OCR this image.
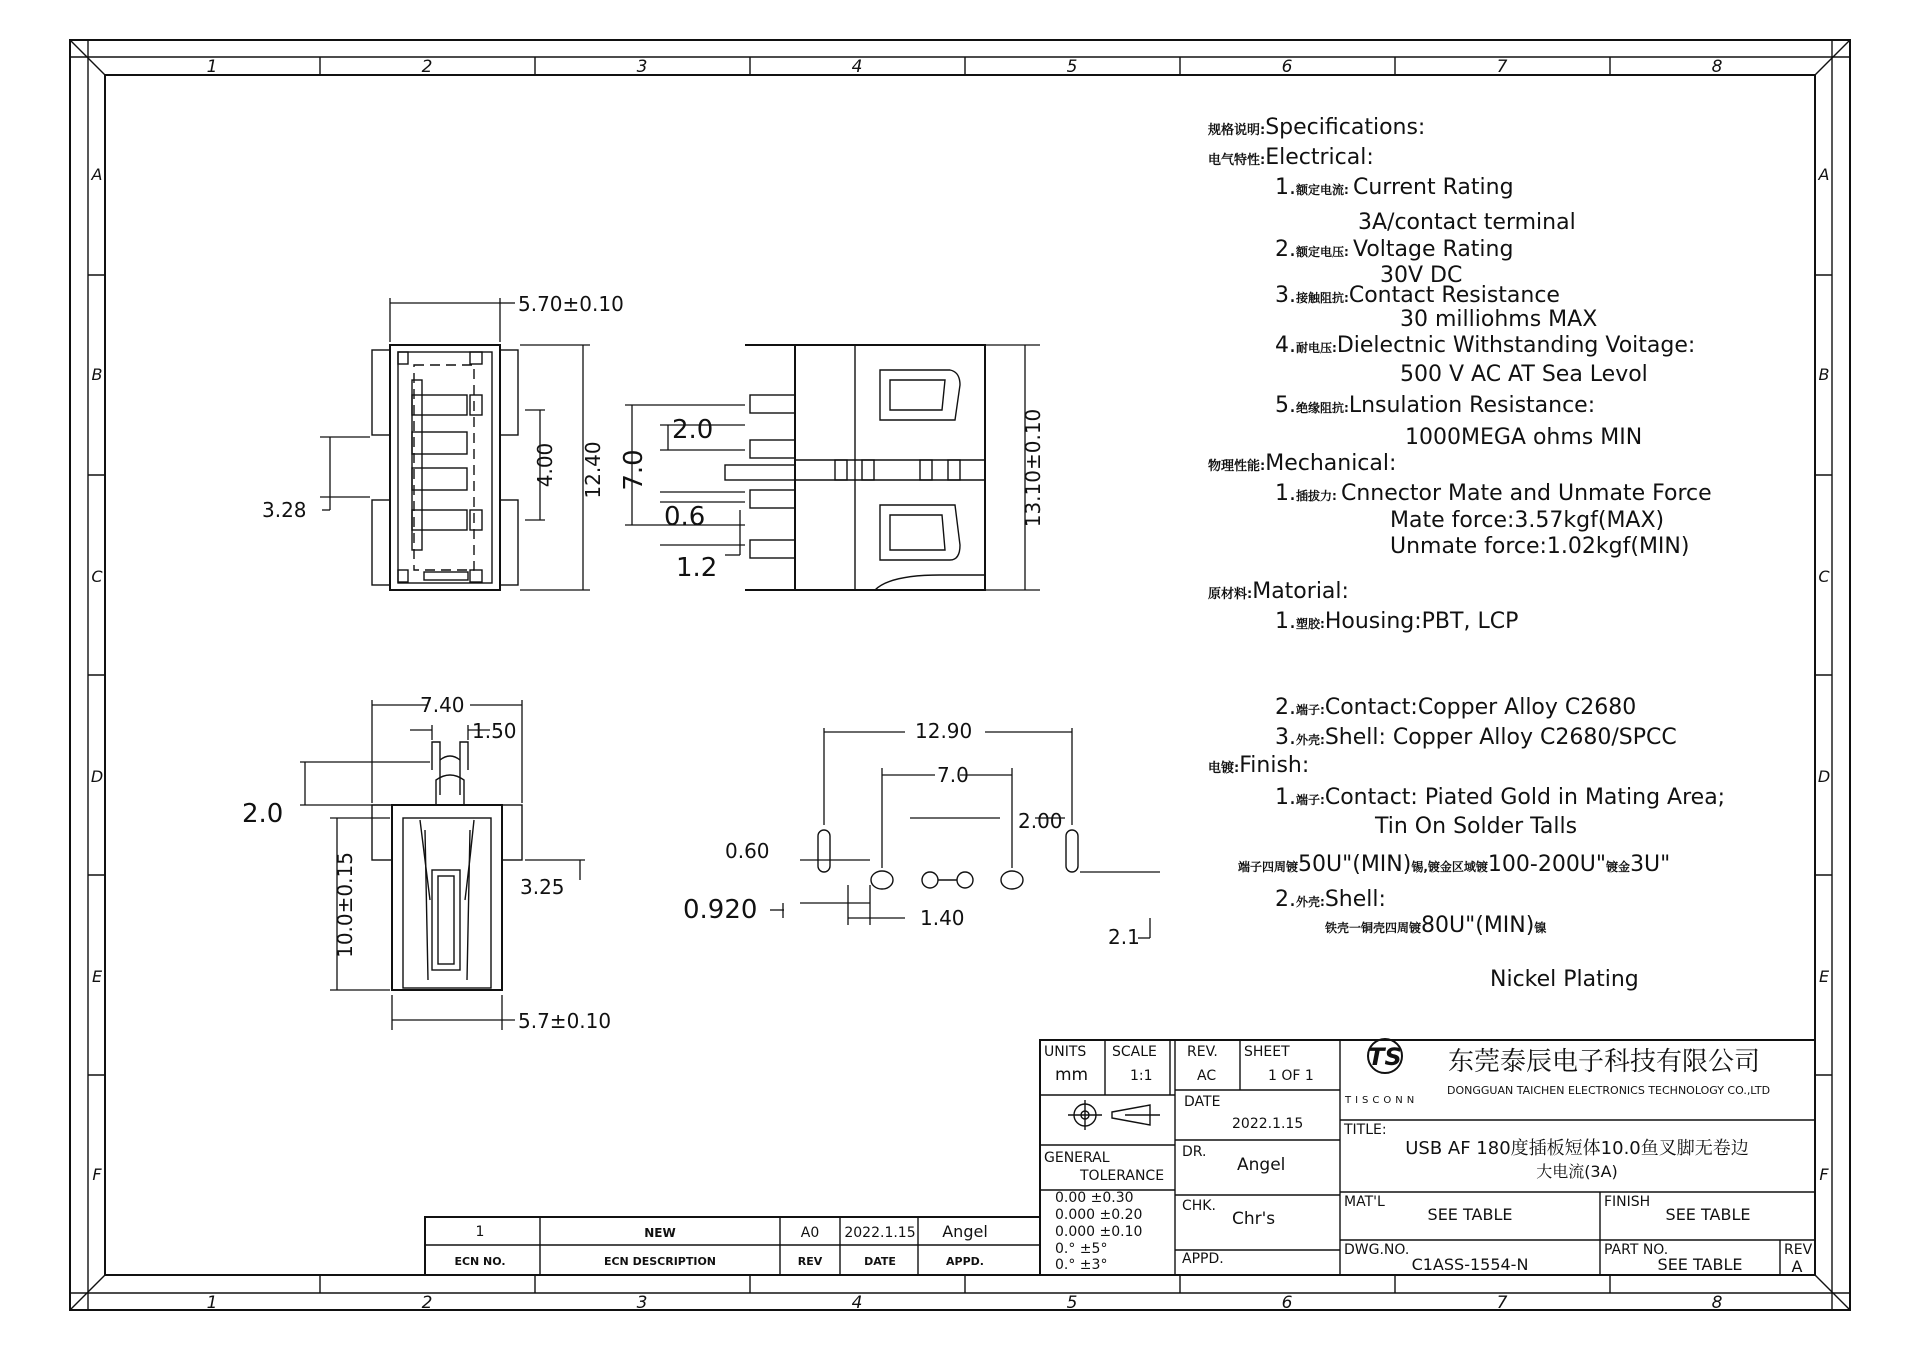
1	2	3	4	5	6	7	8
1	2	3	4	5	6	7	8
A
B
C
D
E
F
A
B
C
D
E
F
5.70±0.10
12.40
4.00
3.28	13.10±0.10
7.0
2.0
0.6
1.2
7.40
1.50
2.0
10.0±0.15	3.25
5.7±0.10
12.90
7.0
2.00
0.60
0.920	1.40
2.1
规格说明:Specifications:
电气特性:Electrical:
1.额定电流: Current Rating
3A/contact terminal
2.额定电压: Voltage Rating
30V DC
3.接触阻抗:Contact Resistance
30 milliohms MAX
4.耐电压:Dielectnic Withstanding Voitage:
500 V AC AT Sea Levol
5.绝缘阻抗:Lnsulation Resistance:
1000MEGA ohms MIN
物理性能:Mechanical:
1.插拔力: Cnnector Mate and Unmate Force
Mate force:3.57kgf(MAX)
Unmate force:1.02kgf(MIN)
原材料:Matorial:
1.塑胶:Housing:PBT, LCP
2.端子:Contact:Copper Alloy C2680
3.外壳:Shell: Copper Alloy C2680/SPCC
电镀:Finish:
1.端子:Contact: Piated Gold in Mating Area;
Tin On Solder Talls
端子四周镀50U"(MIN)锡,镀金区域镀100-200U"镀金3U"
2.外壳:Shell:
铁壳一铜壳四周镀80U"(MIN)镍
Nickel Plating
UNITS
mm
SCALE
1:1
REV.
AC
SHEET
1 OF 1
DATE
2022.1.15
GENERAL
TOLERANCE
0.00 ±0.30
0.000 ±0.20
0.000 ±0.10
0.° ±5°
0.° ±3°
DR.
Angel
CHK.
Chr's
APPD.
TITLE:
USB AF 180度插板短体10.0鱼叉脚无卷边
大电流(3A)
MAT'L
SEE TABLE
FINISH
SEE TABLE
DWG.NO.
C1ASS-1554-N
PART NO.
SEE TABLE
REV
A
TS
TISCONN
东莞泰辰电子科技有限公司
DONGGUAN TAICHEN ELECTRONICS TECHNOLOGY CO.,LTD
1	NEW	A0 2022.1.15 Angel
ECN NO.	ECN DESCRIPTION	REV	DATE	APPD.
